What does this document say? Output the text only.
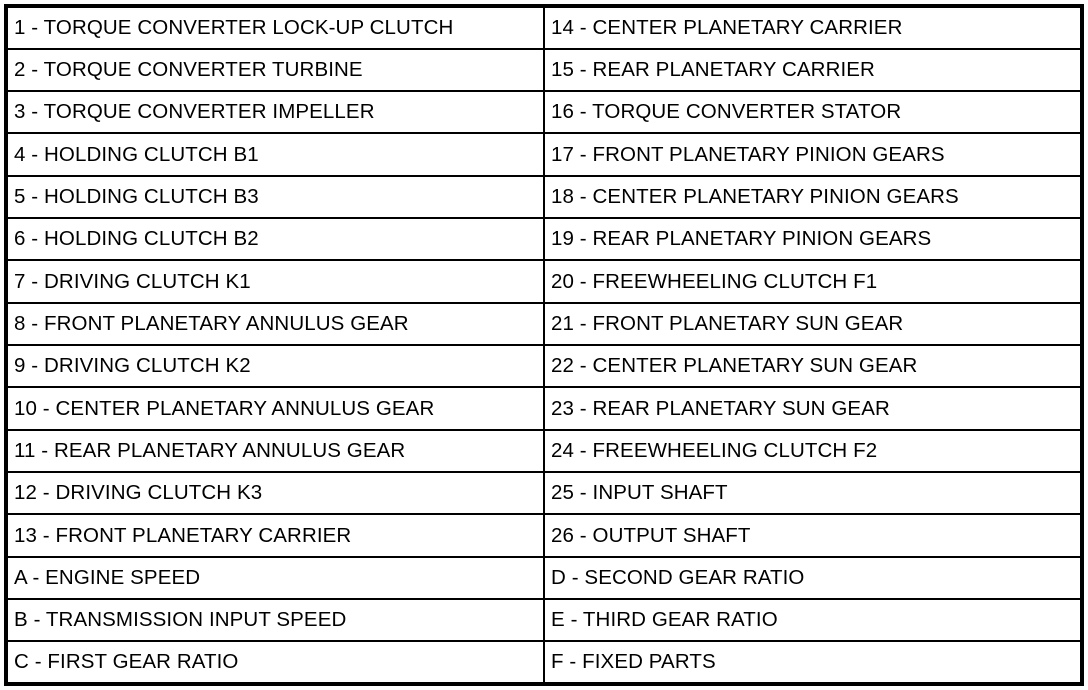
1 - TORQUE CONVERTER LOCK-UP CLUTCH	14 - CENTER PLANETARY CARRIER
2 - TORQUE CONVERTER TURBINE	15 - REAR PLANETARY CARRIER
3 - TORQUE CONVERTER IMPELLER	16 - TORQUE CONVERTER STATOR
4 - HOLDING CLUTCH B1	17 - FRONT PLANETARY PINION GEARS
5 - HOLDING CLUTCH B3	18 - CENTER PLANETARY PINION GEARS
6 - HOLDING CLUTCH B2	19 - REAR PLANETARY PINION GEARS
7 - DRIVING CLUTCH K1	20 - FREEWHEELING CLUTCH F1
8 - FRONT PLANETARY ANNULUS GEAR	21 - FRONT PLANETARY SUN GEAR
9 - DRIVING CLUTCH K2	22 - CENTER PLANETARY SUN GEAR
10 - CENTER PLANETARY ANNULUS GEAR	23 - REAR PLANETARY SUN GEAR
11 - REAR PLANETARY ANNULUS GEAR	24 - FREEWHEELING CLUTCH F2
12 - DRIVING CLUTCH K3	25 - INPUT SHAFT
13 - FRONT PLANETARY CARRIER	26 - OUTPUT SHAFT
A - ENGINE SPEED	D - SECOND GEAR RATIO
B - TRANSMISSION INPUT SPEED	E - THIRD GEAR RATIO
C - FIRST GEAR RATIO	F - FIXED PARTS
